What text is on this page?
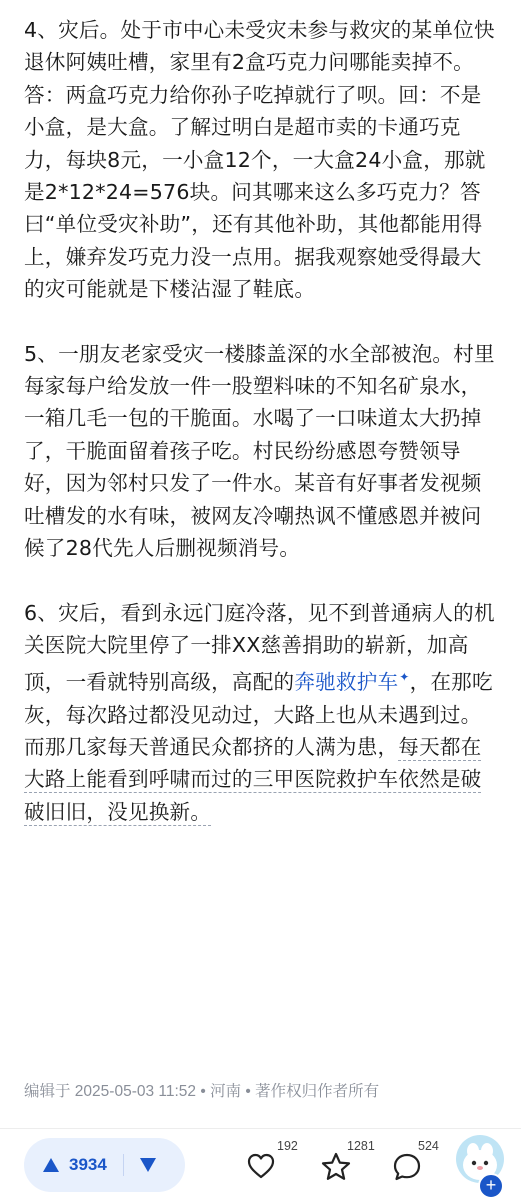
4、灾后。处于市中心未受灾未参与救灾的某单位快退休阿姨吐槽，家里有2盒巧克力问哪能卖掉不。答：两盒巧克力给你孙子吃掉就行了呗。回：不是小盒，是大盒。了解过明白是超市卖的卡通巧克力，每块8元，一小盒12个，一大盒24小盒，那就是2*12*24=576块。问其哪来这么多巧克力？答曰“单位受灾补助”，还有其他补助，其他都能用得上，嫌弃发巧克力没一点用。据我观察她受得最大的灾可能就是下楼沾湿了鞋底。

5、一朋友老家受灾一楼膝盖深的水全部被泡。村里每家每户给发放一件一股塑料味的不知名矿泉水，一箱几毛一包的干脆面。水喝了一口味道太大扔掉了，干脆面留着孩子吃。村民纷纷感恩夸赞领导好，因为邻村只发了一件水。某音有好事者发视频吐槽发的水有味，被网友冷嘲热讽不懂感恩并被问候了28代先人后删视频消号。

6、灾后，看到永远门庭冷落，见不到普通病人的机关医院大院里停了一排XX慈善捐助的崭新，加高顶，一看就特别高级，高配的奔驰救护车✦，在那吃灰，每次路过都没见动过，大路上也从未遇到过。而那几家每天普通民众都挤的人满为患，每天都在大路上能看到呼啸而过的三甲医院救护车依然是破破旧旧，没见换新。

编辑于 2025-05-03 11:52 • 河南 • 著作权归作者所有
3934
192	1281	524
+
